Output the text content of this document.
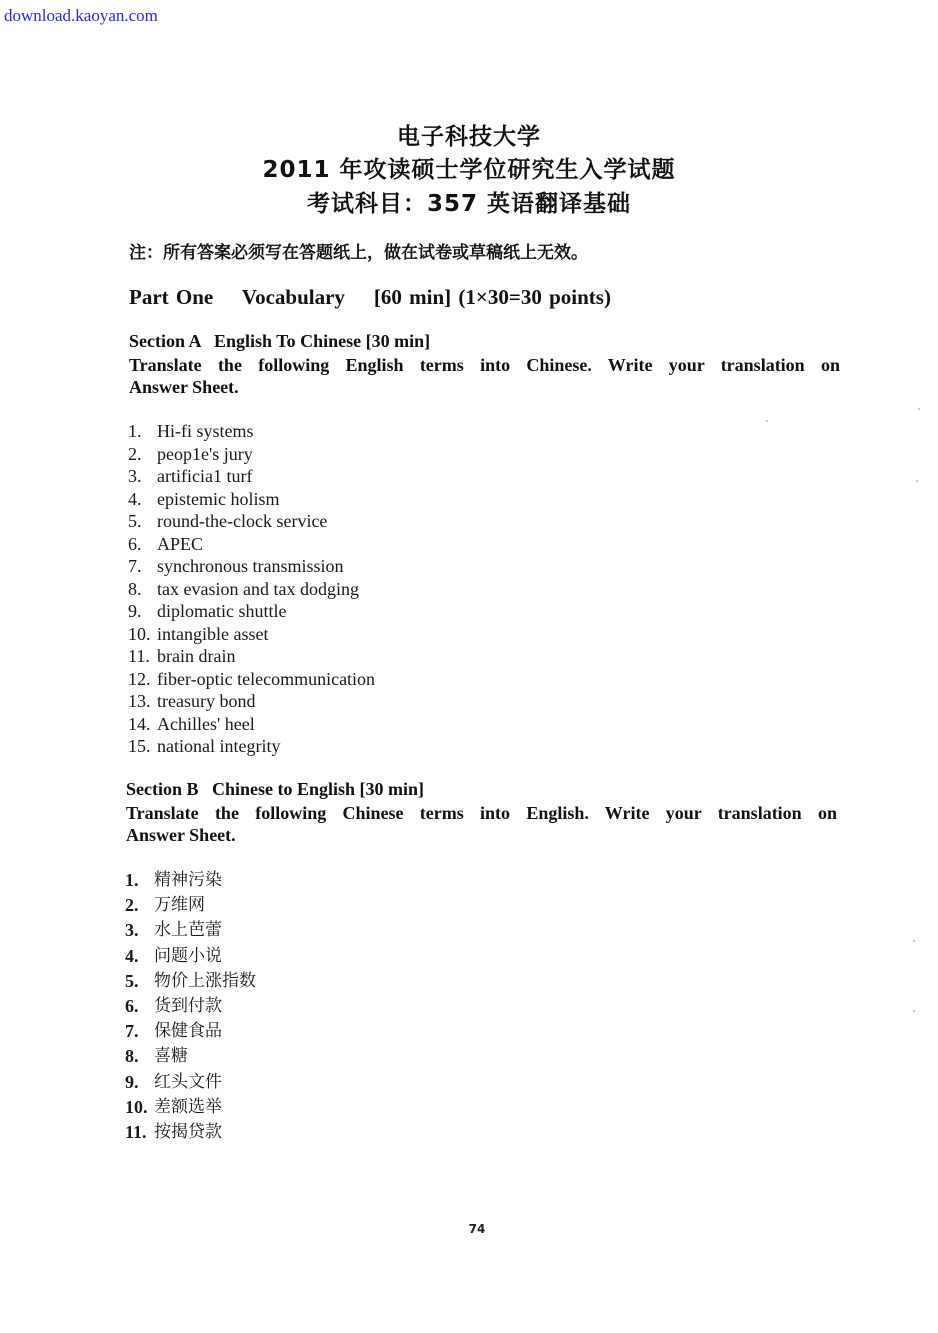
download.kaoyan.com
电子科技大学
2011 年攻读硕士学位研究生入学试题
考试科目：357 英语翻译基础
注：所有答案必须写在答题纸上，做在试卷或草稿纸上无效。
Part One    Vocabulary    [60 min] (1×30=30 points)
Section A   English To Chinese [30 min]
Translate the following English terms into Chinese. Write your translation on
Answer Sheet.
1. Hi-fi systems
2. peop1e's jury
3. artificia1 turf
4. epistemic holism
5. round-the-clock service
6. APEC
7. synchronous transmission
8. tax evasion and tax dodging
9. diplomatic shuttle
10. intangible asset
11. brain drain
12. fiber-optic telecommunication
13. treasury bond
14. Achilles' heel
15. national integrity
Section B   Chinese to English [30 min]
Translate the following Chinese terms into English. Write your translation on
Answer Sheet.
1. 精神污染
2. 万维网
3. 水上芭蕾
4. 问题小说
5. 物价上涨指数
6. 货到付款
7. 保健食品
8. 喜糖
9. 红头文件
10. 差额选举
11. 按揭贷款
74
